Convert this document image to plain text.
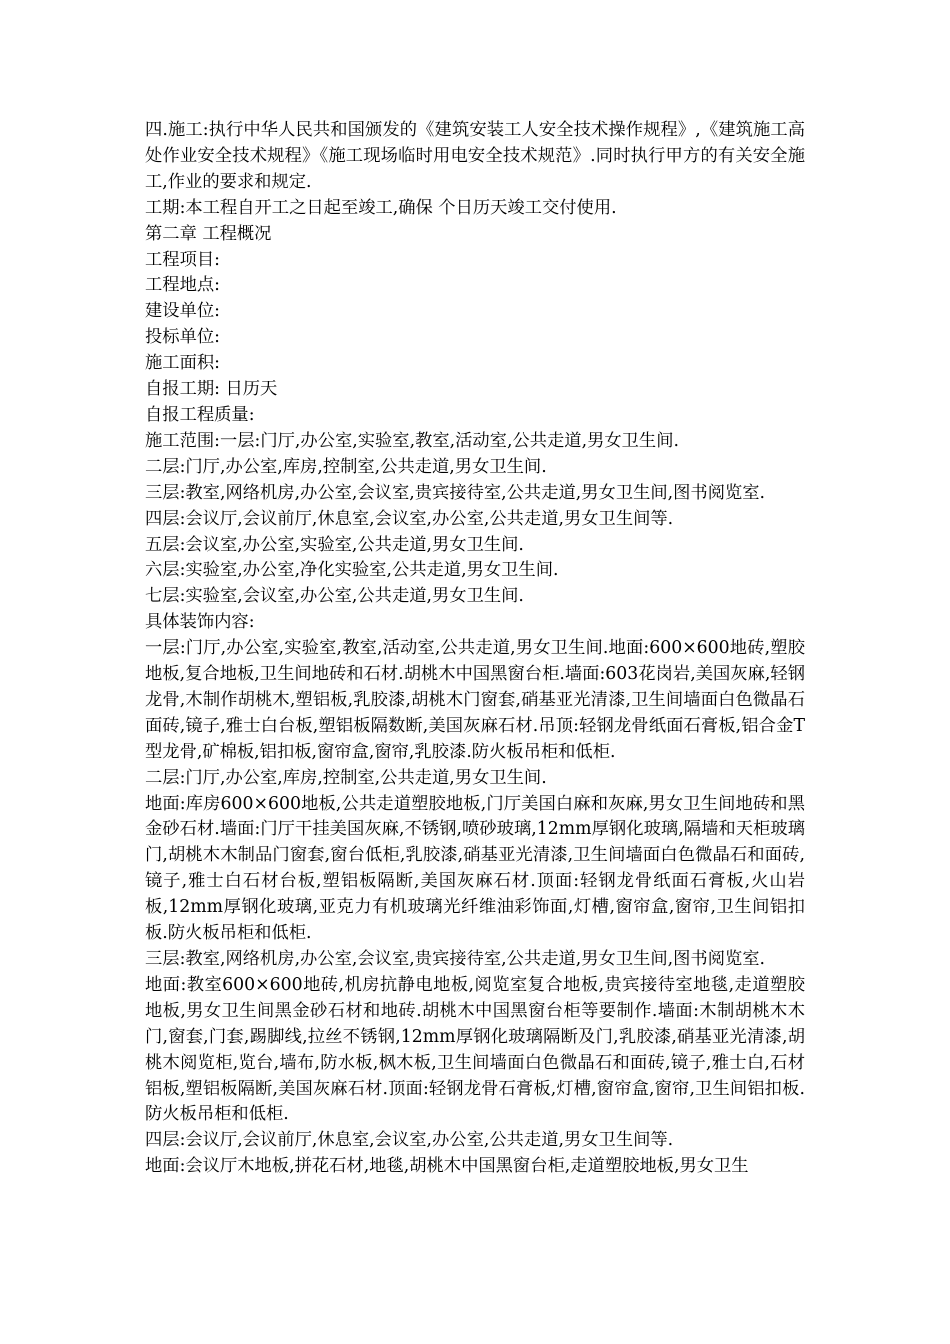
四.施工:执行中华人民共和国颁发的《建筑安装工人安全技术操作规程》,《建筑施工高处作业安全技术规程》《施工现场临时用电安全技术规范》.同时执行甲方的有关安全施工,作业的要求和规定.

工期:本工程自开工之日起至竣工,确保 个日历天竣工交付使用.

第二章 工程概况

工程项目:

工程地点:

建设单位:

投标单位:

施工面积:

自报工期: 日历天

自报工程质量:

施工范围:一层:门厅,办公室,实验室,教室,活动室,公共走道,男女卫生间.

二层:门厅,办公室,库房,控制室,公共走道,男女卫生间.

三层:教室,网络机房,办公室,会议室,贵宾接待室,公共走道,男女卫生间,图书阅览室.

四层:会议厅,会议前厅,休息室,会议室,办公室,公共走道,男女卫生间等.

五层:会议室,办公室,实验室,公共走道,男女卫生间.

六层:实验室,办公室,净化实验室,公共走道,男女卫生间.

七层:实验室,会议室,办公室,公共走道,男女卫生间.

具体装饰内容:

一层:门厅,办公室,实验室,教室,活动室,公共走道,男女卫生间.地面:600×600地砖,塑胶地板,复合地板,卫生间地砖和石材.胡桃木中国黑窗台柜.墙面:603花岗岩,美国灰麻,轻钢龙骨,木制作胡桃木,塑铝板,乳胶漆,胡桃木门窗套,硝基亚光清漆,卫生间墙面白色微晶石面砖,镜子,雅士白台板,塑铝板隔数断,美国灰麻石材.吊顶:轻钢龙骨纸面石膏板,铝合金T型龙骨,矿棉板,铝扣板,窗帘盒,窗帘,乳胶漆.防火板吊柜和低柜.

二层:门厅,办公室,库房,控制室,公共走道,男女卫生间.

地面:库房600×600地板,公共走道塑胶地板,门厅美国白麻和灰麻,男女卫生间地砖和黑金砂石材.墙面:门厅干挂美国灰麻,不锈钢,喷砂玻璃,12mm厚钢化玻璃,隔墙和天柜玻璃门,胡桃木木制品门窗套,窗台低柜,乳胶漆,硝基亚光清漆,卫生间墙面白色微晶石和面砖,镜子,雅士白石材台板,塑铝板隔断,美国灰麻石材.顶面:轻钢龙骨纸面石膏板,火山岩板,12mm厚钢化玻璃,亚克力有机玻璃光纤维油彩饰面,灯槽,窗帘盒,窗帘,卫生间铝扣板.防火板吊柜和低柜.

三层:教室,网络机房,办公室,会议室,贵宾接待室,公共走道,男女卫生间,图书阅览室.

地面:教室600×600地砖,机房抗静电地板,阅览室复合地板,贵宾接待室地毯,走道塑胶地板,男女卫生间黑金砂石材和地砖.胡桃木中国黑窗台柜等要制作.墙面:木制胡桃木木门,窗套,门套,踢脚线,拉丝不锈钢,12mm厚钢化玻璃隔断及门,乳胶漆,硝基亚光清漆,胡桃木阅览柜,览台,墙布,防水板,枫木板,卫生间墙面白色微晶石和面砖,镜子,雅士白,石材铝板,塑铝板隔断,美国灰麻石材.顶面:轻钢龙骨石膏板,灯槽,窗帘盒,窗帘,卫生间铝扣板.防火板吊柜和低柜.

四层:会议厅,会议前厅,休息室,会议室,办公室,公共走道,男女卫生间等.

地面:会议厅木地板,拼花石材,地毯,胡桃木中国黑窗台柜,走道塑胶地板,男女卫生
